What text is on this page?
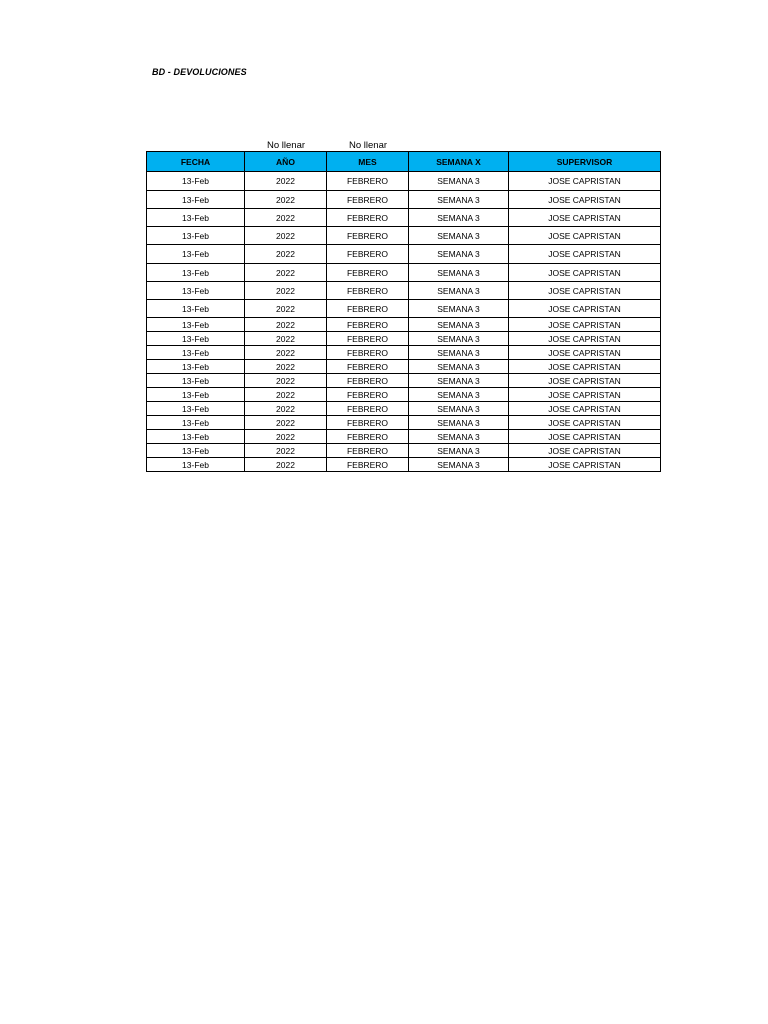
BD - DEVOLUCIONES
No llenar	No llenar
FECHA	AÑO	MES	SEMANA X	SUPERVISOR
13-Feb	2022	FEBRERO	SEMANA 3	JOSE CAPRISTAN
13-Feb	2022	FEBRERO	SEMANA 3	JOSE CAPRISTAN
13-Feb	2022	FEBRERO	SEMANA 3	JOSE CAPRISTAN
13-Feb	2022	FEBRERO	SEMANA 3	JOSE CAPRISTAN
13-Feb	2022	FEBRERO	SEMANA 3	JOSE CAPRISTAN
13-Feb	2022	FEBRERO	SEMANA 3	JOSE CAPRISTAN
13-Feb	2022	FEBRERO	SEMANA 3	JOSE CAPRISTAN
13-Feb	2022	FEBRERO	SEMANA 3	JOSE CAPRISTAN
13-Feb	2022	FEBRERO	SEMANA 3	JOSE CAPRISTAN
13-Feb	2022	FEBRERO	SEMANA 3	JOSE CAPRISTAN
13-Feb	2022	FEBRERO	SEMANA 3	JOSE CAPRISTAN
13-Feb	2022	FEBRERO	SEMANA 3	JOSE CAPRISTAN
13-Feb	2022	FEBRERO	SEMANA 3	JOSE CAPRISTAN
13-Feb	2022	FEBRERO	SEMANA 3	JOSE CAPRISTAN
13-Feb	2022	FEBRERO	SEMANA 3	JOSE CAPRISTAN
13-Feb	2022	FEBRERO	SEMANA 3	JOSE CAPRISTAN
13-Feb	2022	FEBRERO	SEMANA 3	JOSE CAPRISTAN
13-Feb	2022	FEBRERO	SEMANA 3	JOSE CAPRISTAN
13-Feb	2022	FEBRERO	SEMANA 3	JOSE CAPRISTAN
